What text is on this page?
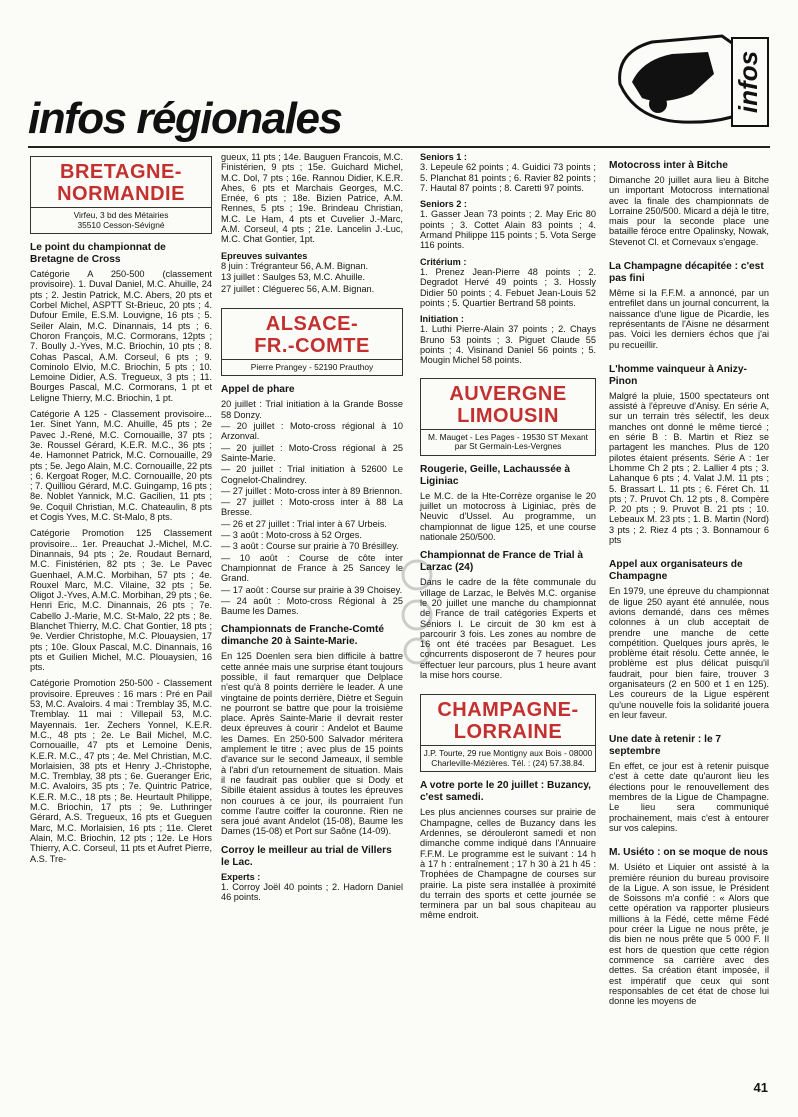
infos régionales
infos
BRETAGNE-
NORMANDIE
Virfeu, 3 bd des Métairies
35510 Cesson-Sévigné

Le point du championnat de Bretagne de Cross

Catégorie A 250-500 (classement provisoire). 1. Duval Daniel, M.C. Ahuille, 24 pts ; 2. Jestin Patrick, M.C. Abers, 20 pts et Corbel Michel, ASPTT St-Brieuc, 20 pts ; 4. Dufour Emile, E.S.M. Louvigne, 16 pts ; 5. Seiler Alain, M.C. Dinannais, 14 pts ; 6. Choron François, M.C. Cormorans, 12pts ; 7. Boully J.-Yves, M.C. Briochin, 10 pts ; 8. Cohas Pascal, A.M. Corseul, 6 pts ; 9. Cominolo Elvio, M.C. Briochin, 5 pts ; 10. Lemoine Didier, A.S. Tregueux, 3 pts ; 11. Bourges Pascal, M.C. Cormorans, 1 pt et Leligne Thierry, M.C. Briochin, 1 pt.

Catégorie A 125 - Classement provisoire... 1er. Sinet Yann, M.C. Ahuille, 45 pts ; 2e Pavec J.-René, M.C. Cornouaille, 37 pts ; 3e. Roussel Gérard, K.E.R. M.C., 36 pts ; 4e. Hamonnet Patrick, M.C. Cornouaille, 29 pts ; 5e. Jego Alain, M.C. Cornouaille, 22 pts ; 6. Kergoat Roger, M.C. Cornouaille, 20 pts ; 7. Quilliou Gérard, M.C. Guingamp, 16 pts ; 8e. Noblet Yannick, M.C. Gacilien, 11 pts ; 9e. Coquil Christian, M.C. Chateaulin, 8 pts et Cogis Yves, M.C. St-Malo, 8 pts.

Catégorie Promotion 125 Classement provisoire... 1er. Preauchat J.-Michel, M.C. Dinannais, 94 pts ; 2e. Roudaut Bernard, M.C. Finistérien, 82 pts ; 3e. Le Pavec Guenhael, A.M.C. Morbihan, 57 pts ; 4e. Rouxel Marc, M.C. Vilaine, 32 pts ; 5e. Oligot J.-Yves, A.M.C. Morbihan, 29 pts ; 6e. Henri Eric, M.C. Dinannais, 26 pts ; 7e. Cabello J.-Marie, M.C. St-Malo, 22 pts ; 8e. Blanchet Thierry, M.C. Chat Gontier, 18 pts ; 9e. Verdier Christophe, M.C. Plouaysien, 17 pts ; 10e. Gloux Pascal, M.C. Dinannais, 16 pts et Guilien Michel, M.C. Plouaysien, 16 pts.

Catégorie Promotion 250-500 - Classement provisoire. Epreuves : 16 mars : Pré en Pail 53, M.C. Avaloirs. 4 mai : Tremblay 35, M.C. Tremblay. 11 mai : Villepail 53, M.C. Mayennais. 1er. Zechers Yonnel, K.E.R. M.C., 48 pts ; 2e. Le Bail Michel, M.C. Cornouaille, 47 pts et Lemoine Denis, K.E.R. M.C., 47 pts ; 4e. Mel Christian, M.C. Morlaisien, 38 pts et Henry J.-Christophe, M.C. Tremblay, 38 pts ; 6e. Gueranger Eric, M.C. Avaloirs, 35 pts ; 7e. Quintric Patrice, K.E.R. M.C., 18 pts ; 8e. Heurtault Philippe, M.C. Briochin, 17 pts ; 9e. Luthringer Gérard, A.S. Tregueux, 16 pts et Gueguen Marc, M.C. Morlaisien, 16 pts ; 11e. Cleret Alain, M.C. Briochin, 12 pts ; 12e. Le Hors Thierry, A.C. Corseul, 11 pts et Aufret Pierre, A.S. Tre-

gueux, 11 pts ; 14e. Bauguen Francois, M.C. Finistérien, 9 pts ; 15e. Guichard Michel, M.C. Dol, 7 pts ; 16e. Rannou Didier, K.E.R. Ahes, 6 pts et Marchais Georges, M.C. Ernée, 6 pts ; 18e. Bizien Patrice, A.M. Rennes, 5 pts ; 19e. Brindeau Christian, M.C. Le Ham, 4 pts et Cuvelier J.-Marc, A.M. Corseul, 4 pts ; 21e. Lancelin J.-Luc, M.C. Chat Gontier, 1pt.

Epreuves suivantes

8 juin : Trégranteur 56, A.M. Bignan.

13 juillet : Saulges 53, M.C. Ahuille.

27 juillet : Cléguerec 56, A.M. Bignan.

ALSACE-
FR.-COMTE
Pierre Prangey - 52190 Prauthoy

Appel de phare

20 juillet : Trial initiation à la Grande Bosse 58 Donzy.

— 20 juillet : Moto-cross régional à 10 Arzonval.

— 20 juillet : Moto-Cross régional à 25 Sainte-Marie.

— 20 juillet : Trial initiation à 52600 Le Cognelot-Chalindrey.

— 27 juillet : Moto-cross inter à 89 Briennon.

— 27 juillet : Moto-cross inter à 88 La Bresse.

— 26 et 27 juillet : Trial inter à 67 Urbeis.

— 3 août : Moto-cross à 52 Orges.

— 3 août : Course sur prairie à 70 Brésilley.

— 10 août : Course de côte inter Championnat de France à 25 Sancey le Grand.

— 17 août : Course sur prairie à 39 Choisey.

— 24 août : Moto-cross Régional à 25 Baume les Dames.

Championnats de Franche-Comté dimanche 20 à Sainte-Marie.

En 125 Doenlen sera bien difficile à battre cette année mais une surprise étant toujours possible, il faut remarquer que Delplace n'est qu'à 8 points derrière le leader. A une vingtaine de points derrière, Diètre et Seguin ne pourront se battre que pour la troisième place. Après Sainte-Marie il devrait rester deux épreuves à courir : Andelot et Baume les Dames. En 250-500 Salvador méritera amplement le titre ; avec plus de 15 points d'avance sur le second Jameaux, il semble à l'abri d'un retournement de situation. Mais il ne faudrait pas oublier que si Dody et Sibille étaient assidus à toutes les épreuves non courues à ce jour, ils pourraient l'un comme l'autre coiffer la couronne. Rien ne sera joué avant Andelot (15-08), Baume les Dames (15-08) et Port sur Saône (14-09).

Corroy le meilleur au trial de Villers le Lac.

Experts :

1. Corroy Joël 40 points ; 2. Hadorn Daniel 46 points.

Seniors 1 :

3. Lepeule 62 points ; 4. Guidici 73 points ; 5. Planchat 81 points ; 6. Ravier 82 points ; 7. Hautal 87 points ; 8. Caretti 97 points.

Seniors 2 :

1. Gasser Jean 73 points ; 2. May Eric 80 points ; 3. Cottet Alain 83 points ; 4. Armand Philippe 115 points ; 5. Vota Serge 116 points.

Critérium :

1. Prenez Jean-Pierre 48 points ; 2. Degradot Hervé 49 points ; 3. Hossly Didier 50 points ; 4. Febuet Jean-Louis 52 points ; 5. Quartier Bertrand 58 points.

Initiation :

1. Luthi Pierre-Alain 37 points ; 2. Chays Bruno 53 points ; 3. Piguet Claude 55 points ; 4. Visinand Daniel 56 points ; 5. Mougin Michel 58 points.

AUVERGNE
LIMOUSIN
M. Mauget - Les Pages - 19530 ST Mexant par St Germain-Les-Vergnes

Rougerie, Geille, Lachaussée à Liginiac

Le M.C. de la Hte-Corrèze organise le 20 juillet un motocross à Liginiac, près de Neuvic d'Ussel. Au programme, un championnat de ligue 125, et une course nationale 250/500.

Championnat de France de Trial à Larzac (24)

Dans le cadre de la fête communale du village de Larzac, le Belvès M.C. organise le 20 juillet une manche du championnat de France de trail catégories Experts et Séniors I. Le circuit de 30 km est à parcourir 3 fois. Les zones au nombre de 16 ont été tracées par Besaguet. Les concurrents disposeront de 7 heures pour effectuer leur parcours, plus 1 heure avant la mise hors course.

CHAMPAGNE-
LORRAINE
J.P. Tourte, 29 rue Montigny aux Bois - 08000 Charleville-Mézières. Tél. : (24) 57.38.84.

A votre porte le 20 juillet : Buzancy, c'est samedi.

Les plus anciennes courses sur prairie de Champagne, celles de Buzancy dans les Ardennes, se dérouleront samedi et non dimanche comme indiqué dans l'Annuaire F.F.M. Le programme est le suivant : 14 h à 17 h : entraînement ; 17 h 30 à 21 h 45 : Trophées de Champagne de courses sur prairie. La piste sera installée à proximité du terrain des sports et cette journée se terminera par un bal sous chapiteau au même endroit.

Motocross inter à Bitche

Dimanche 20 juillet aura lieu à Bitche un important Motocross international avec la finale des championnats de Lorraine 250/500. Micard a déjà le titre, mais pour la seconde place une bataille féroce entre Opalinsky, Nowak, Stevenot Cl. et Cornevaux s'engage.

La Champagne décapitée : c'est pas fini

Même si la F.F.M. a annoncé, par un entrefilet dans un journal concurrent, la naissance d'une ligue de Picardie, les représentants de l'Aisne ne désarment pas. Voici les derniers échos que j'ai pu recueillir.

L'homme vainqueur à Anizy-Pinon

Malgré la pluie, 1500 spectateurs ont assisté à l'épreuve d'Anisy. En série A, sur un terrain très sélectif, les deux manches ont donné le même tiercé ; en série B : B. Martin et Riez se partagent les manches. Plus de 120 pilotes étaient présents. Série A : 1er Lhomme Ch 2 pts ; 2. Lallier 4 pts ; 3. Lahanque 6 pts ; 4. Valat J.M. 11 pts ; 5. Brassart L. 11 pts ; 6. Féret Ch. 11 pts ; 7. Pruvot Ch. 12 pts , 8. Compère P. 20 pts ; 9. Pruvot B. 21 pts ; 10. Lebeaux M. 23 pts ; 1. B. Martin (Nord) 3 pts ; 2. Riez 4 pts ; 3. Bonnamour 6 pts

Appel aux organisateurs de Champagne

En 1979, une épreuve du championnat de ligue 250 ayant été annulée, nous avions demandé, dans ces mêmes colonnes à un club acceptait de prendre une manche de cette compétition. Quelques jours après, le problème était résolu. Cette année, le problème est plus délicat puisqu'il faudrait, pour bien faire, trouver 3 organisateurs (2 en 500 et 1 en 125). Les coureurs de la Ligue espèrent qu'une nouvelle fois la solidarité jouera en leur faveur.

Une date à retenir : le 7 septembre

En effet, ce jour est à retenir puisque c'est à cette date qu'auront lieu les élections pour le renouvellement des membres de la Ligue de Champagne. Le lieu sera communiqué prochainement, mais c'est à entourer sur vos calepins.

M. Usiéto : on se moque de nous

M. Usiéto et Liquier ont assisté à la première réunion du bureau provisoire de la Ligue. A son issue, le Président de Soissons m'a confié : « Alors que cette opération va rapporter plusieurs millions à la Fédé, cette même Fédé pour créer la Ligue ne nous prête, je dis bien ne nous prête que 5 000 F. Il est hors de question que cette région commence sa carrière avec des dettes. Sa création étant imposée, il est impératif que ceux qui sont responsables de cet état de chose lui donne les moyens de

41
